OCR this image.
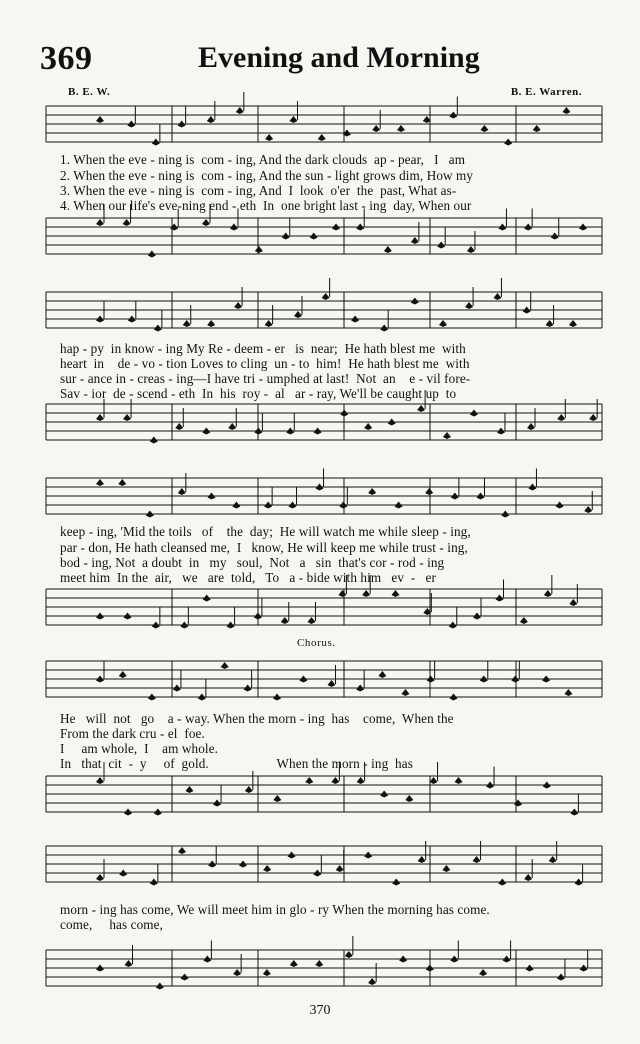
369	Evening and Morning
B. E. W.	B. E. Warren.
Chorus.
1. When the eve - ning is  com - ing, And the dark clouds  ap - pear,   I   am
2. When the eve - ning is  com - ing, And the sun - light grows dim, How my
3. When the eve - ning is  com - ing, And  I  look  o'er  the  past, What as-
4. When our life's eve-ning end - eth  In  one bright last - ing  day, When our
hap - py  in know - ing My Re - deem - er   is  near;  He hath blest me  with
heart  in    de - vo - tion Loves to cling  un - to  him!  He hath blest me  with
sur - ance in - creas - ing—I have tri - umphed at last!  Not  an    e - vil fore-
Sav - ior  de - scend - eth  In  his  roy -  al   ar - ray, We'll be caught up  to
keep - ing, 'Mid the toils   of    the  day;  He will watch me while sleep - ing,
par - don, He hath cleansed me,  I   know, He will keep me while trust - ing,
bod - ing, Not  a doubt  in   my   soul,  Not   a   sin  that's cor - rod - ing
meet him  In the  air,   we   are  told,   To   a - bide with him   ev  -   er
He   will  not   go    a - way. When the morn - ing  has    come,  When the
From the dark cru - el  foe.
I     am whole,  I    am whole.
In   that  cit  -  y     of  gold.                    When the morn - ing  has
morn - ing has come, We will meet him in glo - ry When the morning has come.
come,     has come,
370
